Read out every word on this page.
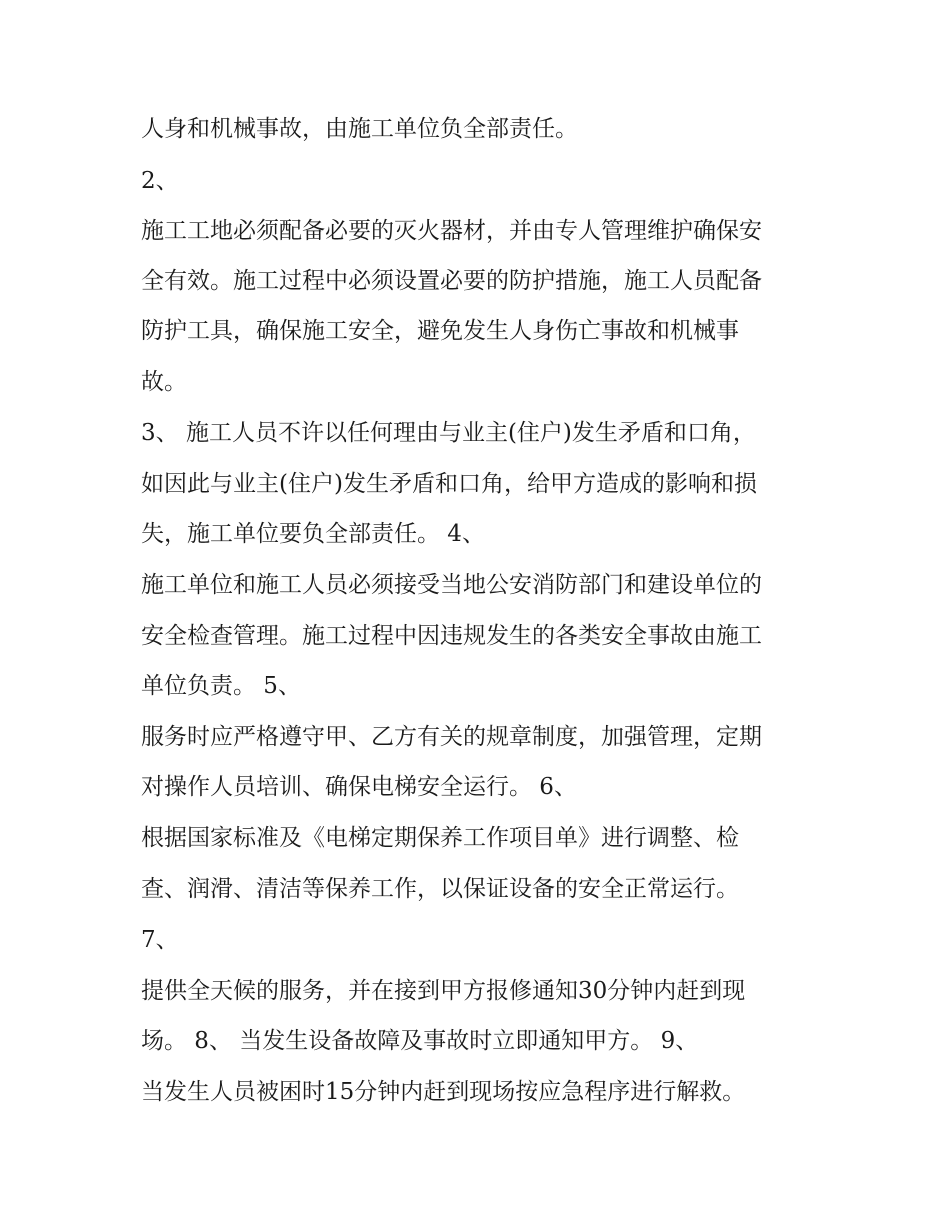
人身和机械事故，由施工单位负全部责任。
2、
施工工地必须配备必要的灭火器材，并由专人管理维护确保安
全有效。施工过程中必须设置必要的防护措施，施工人员配备
防护工具，确保施工安全，避免发生人身伤亡事故和机械事
故。
3、 施工人员不许以任何理由与业主(住户)发生矛盾和口角，
如因此与业主(住户)发生矛盾和口角，给甲方造成的影响和损
失，施工单位要负全部责任。 4、
施工单位和施工人员必须接受当地公安消防部门和建设单位的
安全检查管理。施工过程中因违规发生的各类安全事故由施工
单位负责。 5、
服务时应严格遵守甲、乙方有关的规章制度，加强管理，定期
对操作人员培训、确保电梯安全运行。 6、
根据国家标准及《电梯定期保养工作项目单》进行调整、检
查、润滑、清洁等保养工作，以保证设备的安全正常运行。
7、
提供全天候的服务，并在接到甲方报修通知30分钟内赶到现
场。 8、 当发生设备故障及事故时立即通知甲方。 9、
当发生人员被困时15分钟内赶到现场按应急程序进行解救。
